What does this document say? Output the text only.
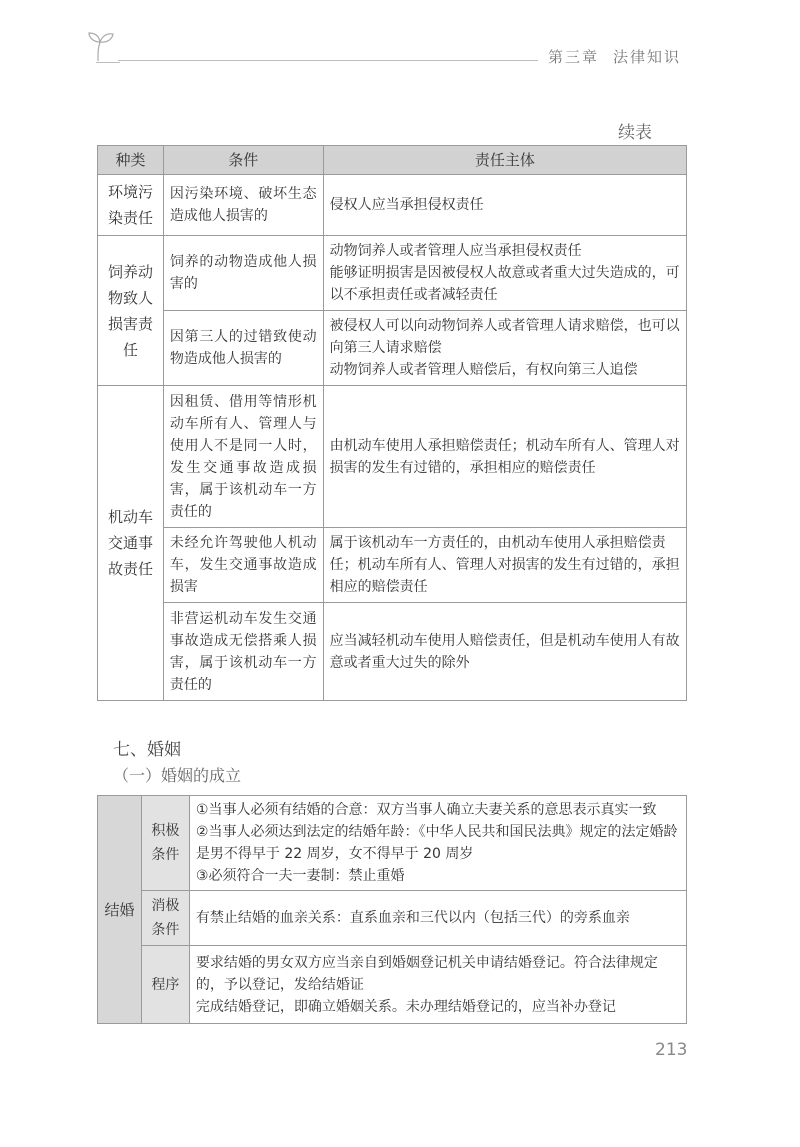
第三章 法律知识
续表
种类	条件	责任主体
环境污染责任	因污染环境、破坏生态造成他人损害的	侵权人应当承担侵权责任
饲养动物致人损害责任	饲养的动物造成他人损害的	动物饲养人或者管理人应当承担侵权责任
能够证明损害是因被侵权人故意或者重大过失造成的，可以不承担责任或者减轻责任

	因第三人的过错致使动物造成他人损害的	被侵权人可以向动物饲养人或者管理人请求赔偿，也可以向第三人请求赔偿
动物饲养人或者管理人赔偿后，有权向第三人追偿

机动车交通事故责任	因租赁、借用等情形机动车所有人、管理人与使用人不是同一人时，发生交通事故造成损害，属于该机动车一方责任的	由机动车使用人承担赔偿责任；机动车所有人、管理人对损害的发生有过错的，承担相应的赔偿责任
	未经允许驾驶他人机动车，发生交通事故造成损害	属于该机动车一方责任的，由机动车使用人承担赔偿责任；机动车所有人、管理人对损害的发生有过错的，承担相应的赔偿责任
	非营运机动车发生交通事故造成无偿搭乘人损害，属于该机动车一方责任的	应当减轻机动车使用人赔偿责任，但是机动车使用人有故意或者重大过失的除外
七、婚姻
（一）婚姻的成立
结婚	积极条件	①当事人必须有结婚的合意：双方当事人确立夫妻关系的意思表示真实一致
②当事人必须达到法定的结婚年龄：《中华人民共和国民法典》规定的法定婚龄是男不得早于 22 周岁，女不得早于 20 周岁
③必须符合一夫一妻制：禁止重婚

	消极条件	有禁止结婚的血亲关系：直系血亲和三代以内（包括三代）的旁系血亲

	程序	要求结婚的男女双方应当亲自到婚姻登记机关申请结婚登记。符合法律规定的，予以登记，发给结婚证
完成结婚登记，即确立婚姻关系。未办理结婚登记的，应当补办登记
213
